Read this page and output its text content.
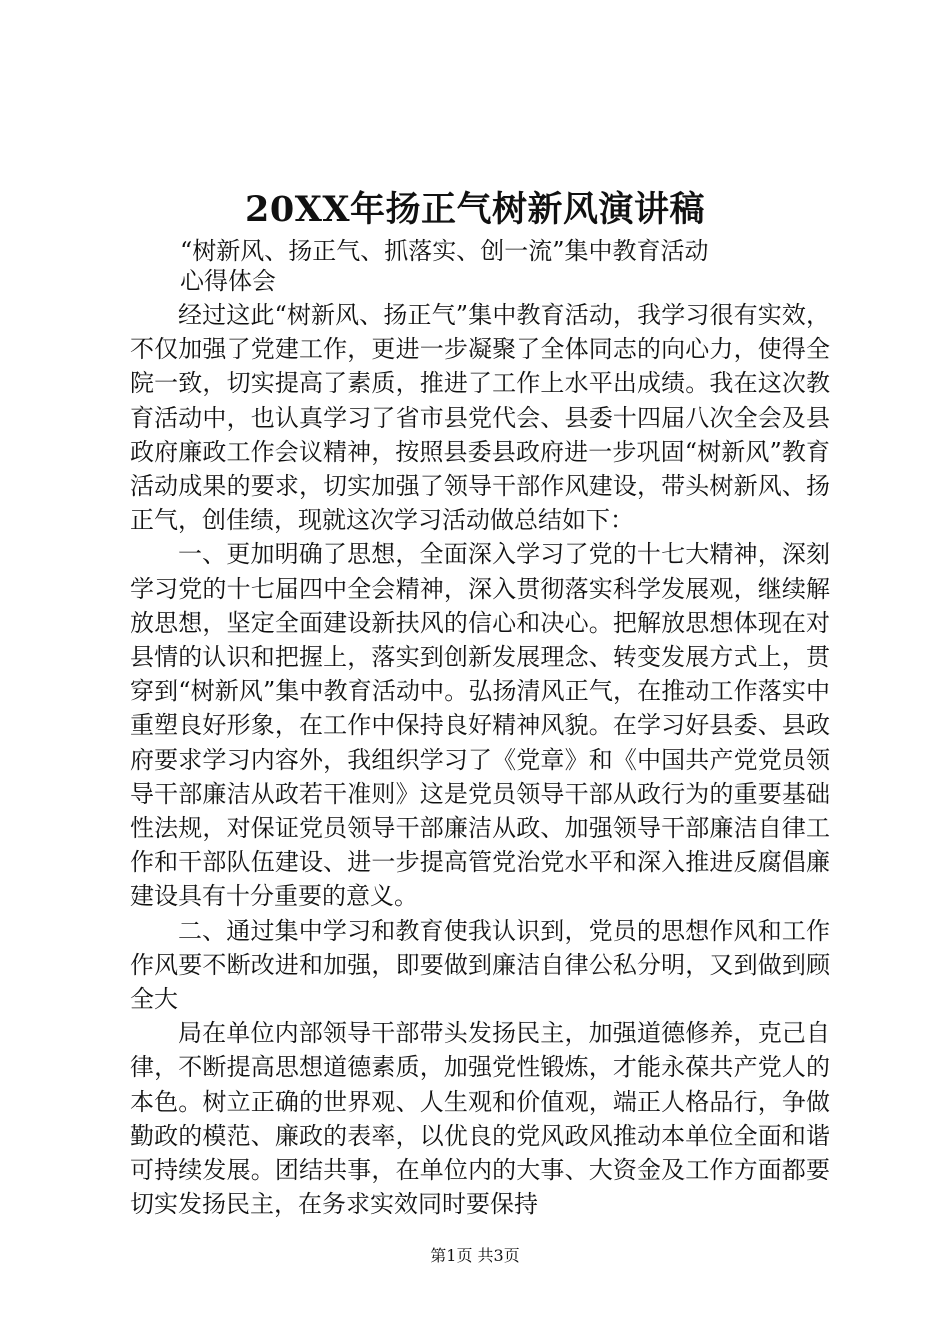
20XX年扬正气树新风演讲稿
“树新风、扬正气、抓落实、创一流”集中教育活动
心得体会

经过这此“树新风、扬正气”集中教育活动，我学习很有实效，不仅加强了党建工作，更进一步凝聚了全体同志的向心力，使得全院一致，切实提高了素质，推进了工作上水平出成绩。我在这次教育活动中，也认真学习了省市县党代会、县委十四届八次全会及县政府廉政工作会议精神，按照县委县政府进一步巩固“树新风”教育活动成果的要求，切实加强了领导干部作风建设，带头树新风、扬正气，创佳绩，现就这次学习活动做总结如下：

一、更加明确了思想，全面深入学习了党的十七大精神，深刻学习党的十七届四中全会精神，深入贯彻落实科学发展观，继续解放思想，坚定全面建设新扶风的信心和决心。把解放思想体现在对县情的认识和把握上，落实到创新发展理念、转变发展方式上，贯穿到“树新风”集中教育活动中。弘扬清风正气，在推动工作落实中重塑良好形象，在工作中保持良好精神风貌。在学习好县委、县政府要求学习内容外，我组织学习了《党章》和《中国共产党党员领导干部廉洁从政若干准则》这是党员领导干部从政行为的重要基础性法规，对保证党员领导干部廉洁从政、加强领导干部廉洁自律工作和干部队伍建设、进一步提高管党治党水平和深入推进反腐倡廉建设具有十分重要的意义。

二、通过集中学习和教育使我认识到，党员的思想作风和工作作风要不断改进和加强，即要做到廉洁自律公私分明，又到做到顾全大

局在单位内部领导干部带头发扬民主，加强道德修养，克己自律，不断提高思想道德素质，加强党性锻炼，才能永葆共产党人的本色。树立正确的世界观、人生观和价值观，端正人格品行，争做勤政的模范、廉政的表率，以优良的党风政风推动本单位全面和谐可持续发展。团结共事，在单位内的大事、大资金及工作方面都要切实发扬民主，在务求实效同时要保持

第1页 共3页
